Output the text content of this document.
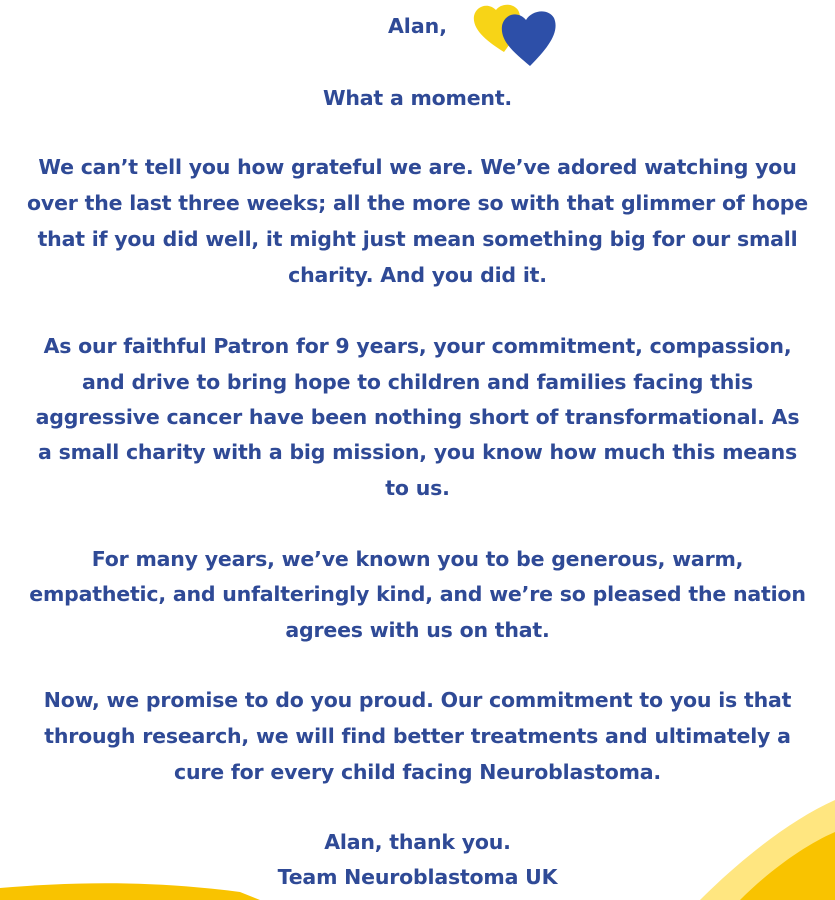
Alan,
What a moment.
We can’t tell you how grateful we are. We’ve adored watching you
over the last three weeks; all the more so with that glimmer of hope
that if you did well, it might just mean something big for our small
charity. And you did it.
As our faithful Patron for 9 years, your commitment, compassion,
and drive to bring hope to children and families facing this
aggressive cancer have been nothing short of transformational. As
a small charity with a big mission, you know how much this means
to us.
For many years, we’ve known you to be generous, warm,
empathetic, and unfalteringly kind, and we’re so pleased the nation
agrees with us on that.
Now, we promise to do you proud. Our commitment to you is that
through research, we will find better treatments and ultimately a
cure for every child facing Neuroblastoma.
Alan, thank you.
Team Neuroblastoma UK
